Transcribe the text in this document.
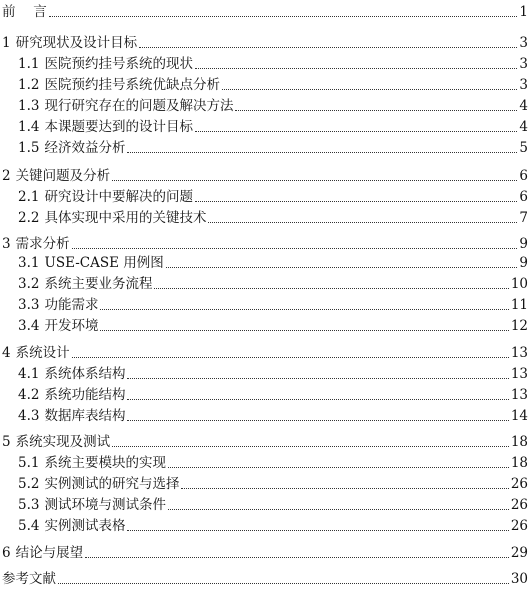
前　 言	1
1 研究现状及设计目标	3
1.1 医院预约挂号系统的现状	3
1.2 医院预约挂号系统优缺点分析	3
1.3 现行研究存在的问题及解决方法	4
1.4 本课题要达到的设计目标	4
1.5 经济效益分析	5
2 关键问题及分析	6
2.1 研究设计中要解决的问题	6
2.2 具体实现中采用的关键技术	7
3 需求分析	9
3.1 USE-CASE 用例图	9
3.2 系统主要业务流程	10
3.3 功能需求	11
3.4 开发环境	12
4 系统设计	13
4.1 系统体系结构	13
4.2 系统功能结构	13
4.3 数据库表结构	14
5 系统实现及测试	18
5.1 系统主要模块的实现	18
5.2 实例测试的研究与选择	26
5.3 测试环境与测试条件	26
5.4 实例测试表格	26
6 结论与展望	29
参考文献	30
